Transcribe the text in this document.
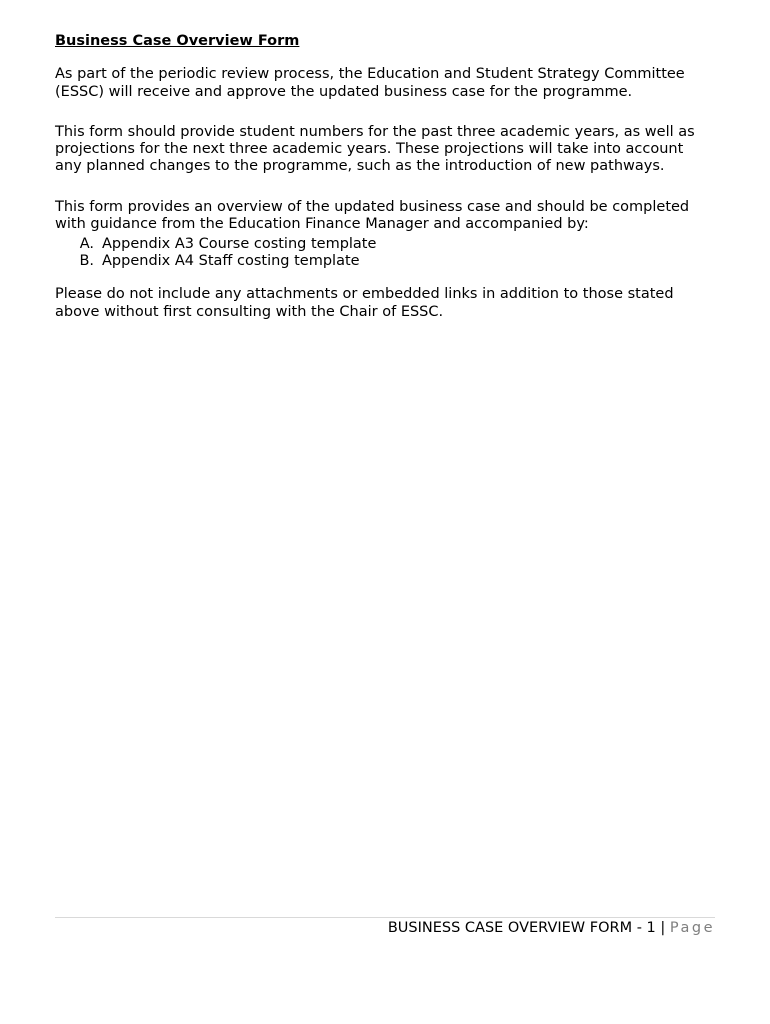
Business Case Overview Form

As part of the periodic review process, the Education and Student Strategy Committee (ESSC) will receive and approve the updated business case for the programme.

This form should provide student numbers for the past three academic years, as well as projections for the next three academic years. These projections will take into account any planned changes to the programme, such as the introduction of new pathways.

This form provides an overview of the updated business case and should be completed with guidance from the Education Finance Manager and accompanied by:

A. Appendix A3 Course costing template
B. Appendix A4 Staff costing template

Please do not include any attachments or embedded links in addition to those stated above without first consulting with the Chair of ESSC.

BUSINESS CASE OVERVIEW FORM - 1 | Page
